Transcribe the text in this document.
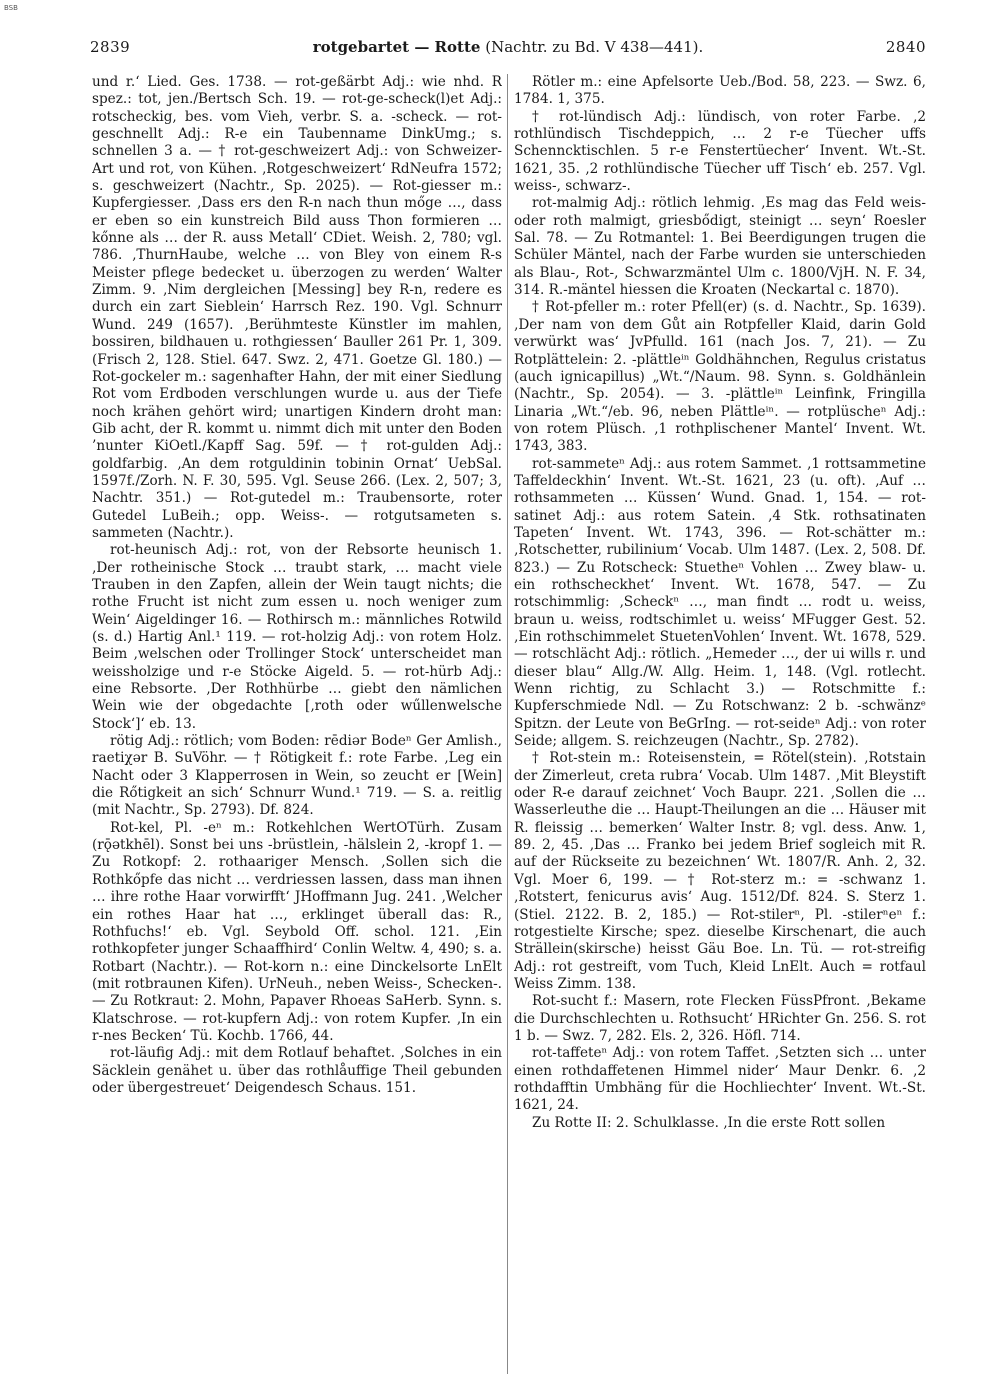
BSB
2839	rotgebartet — Rotte (Nachtr. zu Bd. V 438—441).	2840

und r.‘ Lied. Ges. 1738. — rot-geßärbt Adj.: wie nhd. R spez.: tot, jen./Bertsch Sch. 19. — rot-ge-scheck(l)et Adj.: rotscheckig, bes. vom Vieh, verbr. S. a. -scheck. — rot-geschnellt Adj.: R-e ein Taubenname DinkUmg.; s. schnellen 3 a. — † rot-geschweizert Adj.: von Schweizer-Art und rot, von Kühen. ‚Rotgeschweizert‘ RdNeufra 1572; s. geschweizert (Nachtr., Sp. 2025). — Rot-giesser m.: Kupfergiesser. ‚Dass ers den R-n nach thun mőge …, dass er eben so ein kunstreich Bild auss Thon formieren … kőnne als … der R. auss Metall‘ CDiet. Weish. 2, 780; vgl. 786. ‚ThurnHaube, welche … von Bley von einem R-s Meister pflege bedecket u. überzogen zu werden‘ Walter Zimm. 9. ‚Nim dergleichen [Messing] bey R-n, redere es durch ein zart Sieblein‘ Harrsch Rez. 190. Vgl. Schnurr Wund. 249 (1657). ‚Berühmteste Künstler im mahlen, bossiren, bildhauen u. rothgiessen‘ Bauller 261 Pr. 1, 309. (Frisch 2, 128. Stiel. 647. Swz. 2, 471. Goetze Gl. 180.) — Rot-gockeler m.: sagenhafter Hahn, der mit einer Siedlung Rot vom Erdboden verschlungen wurde u. aus der Tiefe noch krähen gehört wird; unartigen Kindern droht man: Gib acht, der R. kommt u. nimmt dich mit unter den Boden ’nunter KiOetl./Kapff Sag. 59f. — † rot-gulden Adj.: goldfarbig. ‚An dem rotguldinin tobinin Ornat‘ UebSal. 1597f./Zorh. N. F. 30, 595. Vgl. Seuse 266. (Lex. 2, 507; 3, Nachtr. 351.) — Rot-gutedel m.: Traubensorte, roter Gutedel LuBeih.; opp. Weiss-. — rotgutsameten s. sammeten (Nachtr.).

rot-heunisch Adj.: rot, von der Rebsorte heunisch 1. ‚Der rotheinische Stock … traubt stark, … macht viele Trauben in den Zapfen, allein der Wein taugt nichts; die rothe Frucht ist nicht zum essen u. noch weniger zum Wein‘ Aigeldinger 16. — Rothirsch m.: männliches Rotwild (s. d.) Hartig Anl.¹ 119. — rot-holzig Adj.: von rotem Holz. Beim ‚welschen oder Trollinger Stock‘ unterscheidet man weissholzige und r-e Stöcke Aigeld. 5. — rot-hürb Adj.: eine Rebsorte. ‚Der Rothhürbe … giebt den nämlichen Wein wie der obgedachte [‚roth oder wűllenwelsche Stock‘]‘ eb. 13.

rötig Adj.: rötlich; vom Boden: rēdiər Bodeⁿ Ger Amlish., raetiχər B. SuVöhr. — † Rötigkeit f.: rote Farbe. ‚Leg ein Nacht oder 3 Klapperrosen in Wein, so zeucht er [Wein] die Rőtigkeit an sich‘ Schnurr Wund.¹ 719. — S. a. reitlig (mit Nachtr., Sp. 2793). Df. 824.

Rot-kel, Pl. -eⁿ m.: Rotkehlchen WertOTürh. Zusam (rǭətkhēl). Sonst bei uns -brüstlein, -hälslein 2, -kropf 1. — Zu Rotkopf: 2. rothaariger Mensch. ‚Sollen sich die Rothkőpfe das nicht … verdriessen lassen, dass man ihnen … ihre rothe Haar vorwirfft‘ JHoffmann Jug. 241. ‚Welcher ein rothes Haar hat …, erklinget überall das: R., Rothfuchs!‘ eb. Vgl. Seybold Off. schol. 121. ‚Ein rothkopfeter junger Schaaffhird‘ Conlin Weltw. 4, 490; s. a. Rotbart (Nachtr.). — Rot-korn n.: eine Dinckelsorte LnElt (mit rotbraunen Kifen). UrNeuh., neben Weiss-, Schecken-. — Zu Rotkraut: 2. Mohn, Papaver Rhoeas SaHerb. Synn. s. Klatschrose. — rot-kupfern Adj.: von rotem Kupfer. ‚In ein r-nes Becken‘ Tü. Kochb. 1766, 44.

rot-läufig Adj.: mit dem Rotlauf behaftet. ‚Solches in ein Säcklein genähet u. über das rothlåuffige Theil gebunden oder übergestreuet‘ Deigendesch Schaus. 151.

Rötler m.: eine Apfelsorte Ueb./Bod. 58, 223. — Swz. 6, 1784. 1, 375.

† rot-lündisch Adj.: lündisch, von roter Farbe. ‚2 rothlündisch Tischdeppich, … 2 r-e Tüecher uffs Schenncktischlen. 5 r-e Fenstertüecher‘ Invent. Wt.-St. 1621, 35. ‚2 rothlündische Tüecher uff Tisch‘ eb. 257. Vgl. weiss-, schwarz-.

rot-malmig Adj.: rötlich lehmig. ‚Es mag das Feld weis- oder roth malmigt, griesbődigt, steinigt … seyn‘ Roesler Sal. 78. — Zu Rotmantel: 1. Bei Beerdigungen trugen die Schüler Mäntel, nach der Farbe wurden sie unterschieden als Blau-, Rot-, Schwarzmäntel Ulm c. 1800/VjH. N. F. 34, 314. R.-mäntel hiessen die Kroaten (Neckartal c. 1870).

† Rot-pfeller m.: roter Pfell(er) (s. d. Nachtr., Sp. 1639). ‚Der nam von dem Gůt ain Rotpfeller Klaid, darin Gold verwürkt was‘ JvPfulld. 161 (nach Jos. 7, 21). — Zu Rotplättelein: 2. -plättleⁱⁿ Goldhähnchen, Regulus cristatus (auch ignicapillus) „Wt.“/Naum. 98. Synn. s. Goldhänlein (Nachtr., Sp. 2054). — 3. -plättleⁱⁿ Leinfink, Fringilla Linaria „Wt.“/eb. 96, neben Plättleⁱⁿ. — rotplüscheⁿ Adj.: von rotem Plüsch. ‚1 rothplischener Mantel‘ Invent. Wt. 1743, 383.

rot-sammeteⁿ Adj.: aus rotem Sammet. ‚1 rottsammetine Taffeldeckhin‘ Invent. Wt.-St. 1621, 23 (u. oft). ‚Auf … rothsammeten … Küssen‘ Wund. Gnad. 1, 154. — rot-satinet Adj.: aus rotem Satein. ‚4 Stk. rothsatinaten Tapeten‘ Invent. Wt. 1743, 396. — Rot-schätter m.: ‚Rotschetter, rubilinium‘ Vocab. Ulm 1487. (Lex. 2, 508. Df. 823.) — Zu Rotscheck: Stuetheⁿ Vohlen … Zwey blaw- u. ein rothscheckhet‘ Invent. Wt. 1678, 547. — Zu rotschimmlig: ‚Scheckⁿ …, man findt … rodt u. weiss, braun u. weiss, rodtschimlet u. weiss‘ MFugger Gest. 52. ‚Ein rothschimmelet StuetenVohlen‘ Invent. Wt. 1678, 529. — rotschlächt Adj.: rötlich. „Hemeder …, der ui wills r. und dieser blau“ Allg./W. Allg. Heim. 1, 148. (Vgl. rotlecht. Wenn richtig, zu Schlacht 3.) — Rotschmitte f.: Kupferschmiede Ndl. — Zu Rotschwanz: 2 b. -schwänzᵉ Spitzn. der Leute von BeGrIng. — rot-seideⁿ Adj.: von roter Seide; allgem. S. reichzeugen (Nachtr., Sp. 2782).

† Rot-stein m.: Roteisenstein, = Rötel(stein). ‚Rotstain der Zimerleut, creta rubra‘ Vocab. Ulm 1487. ‚Mit Bleystift oder R-e darauf zeichnet‘ Voch Baupr. 221. ‚Sollen die … Wasserleuthe die … Haupt-Theilungen an die … Häuser mit R. fleissig … bemerken‘ Walter Instr. 8; vgl. dess. Anw. 1, 89. 2, 45. ‚Das … Franko bei jedem Brief sogleich mit R. auf der Rückseite zu bezeichnen‘ Wt. 1807/R. Anh. 2, 32. Vgl. Moer 6, 199. — † Rot-sterz m.: = -schwanz 1. ‚Rotstert, fenicurus avis‘ Aug. 1512/Df. 824. S. Sterz 1. (Stiel. 2122. B. 2, 185.) — Rot-stilerⁿ, Pl. -stilerⁿeⁿ f.: rotgestielte Kirsche; spez. dieselbe Kirschenart, die auch Strällein(skirsche) heisst Gäu Boe. Ln. Tü. — rot-streifig Adj.: rot gestreift, vom Tuch, Kleid LnElt. Auch = rotfaul Weiss Zimm. 138.

Rot-sucht f.: Masern, rote Flecken FüssPfront. ‚Bekame die Durchschlechten u. Rothsucht‘ HRichter Gn. 256. S. rot 1 b. — Swz. 7, 282. Els. 2, 326. Höfl. 714.

rot-taffeteⁿ Adj.: von rotem Taffet. ‚Setzten sich … unter einen rothdaffetenen Himmel nider‘ Maur Denkr. 6. ‚2 rothdafftin Umbhäng für die Hochliechter‘ Invent. Wt.-St. 1621, 24.

Zu Rotte II: 2. Schulklasse. ‚In die erste Rott sollen
